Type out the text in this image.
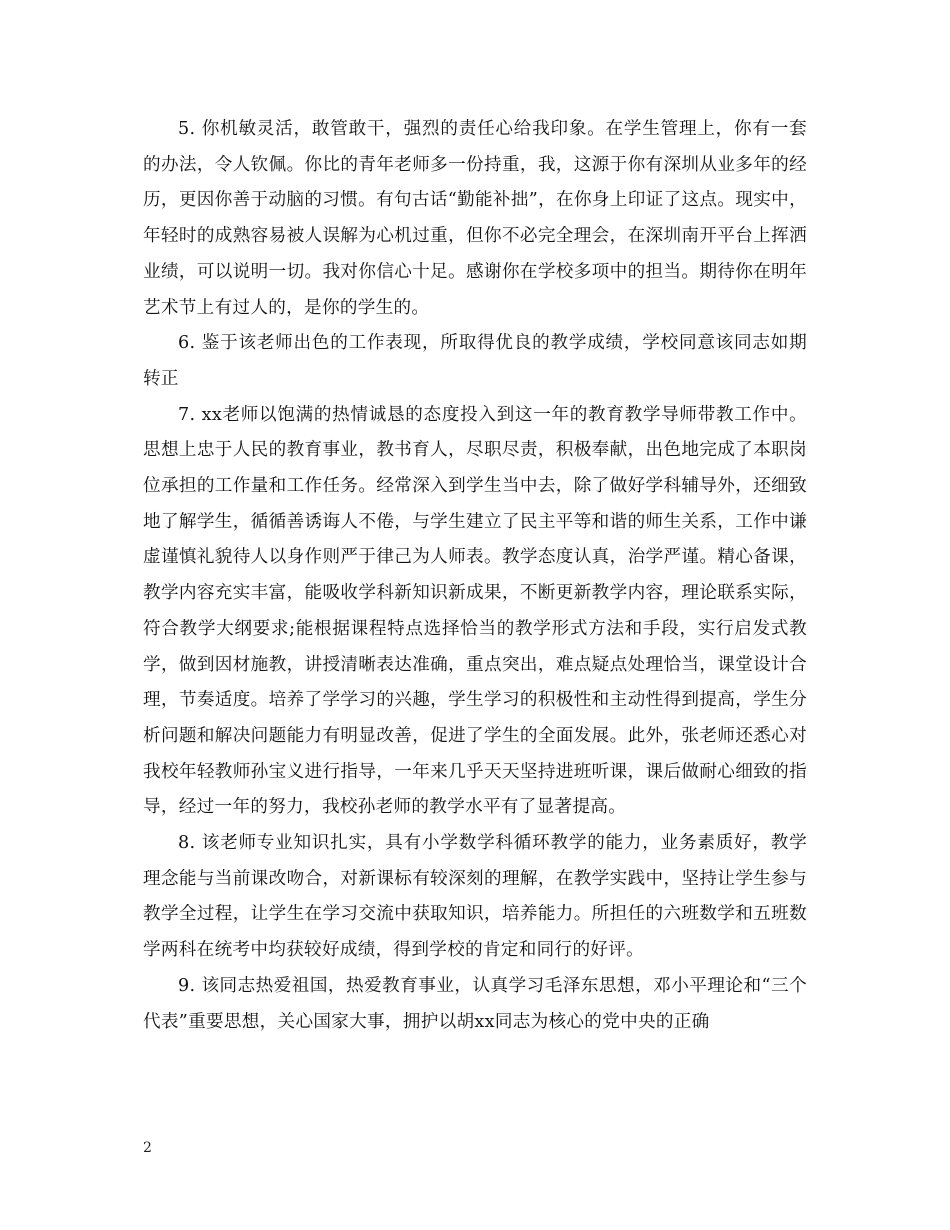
5. 你机敏灵活，敢管敢干，强烈的责任心给我印象。在学生管理上，你有一套的办法，令人钦佩。你比的青年老师多一份持重，我，这源于你有深圳从业多年的经历，更因你善于动脑的习惯。有句古话“勤能补拙”，在你身上印证了这点。现实中，年轻时的成熟容易被人误解为心机过重，但你不必完全理会，在深圳南开平台上挥洒业绩，可以说明一切。我对你信心十足。感谢你在学校多项中的担当。期待你在明年艺术节上有过人的，是你的学生的。

6. 鉴于该老师出色的工作表现，所取得优良的教学成绩，学校同意该同志如期转正

7. xx老师以饱满的热情诚恳的态度投入到这一年的教育教学导师带教工作中。思想上忠于人民的教育事业，教书育人，尽职尽责，积极奉献，出色地完成了本职岗位承担的工作量和工作任务。经常深入到学生当中去，除了做好学科辅导外，还细致地了解学生，循循善诱诲人不倦，与学生建立了民主平等和谐的师生关系，工作中谦虚谨慎礼貌待人以身作则严于律己为人师表。教学态度认真，治学严谨。精心备课，教学内容充实丰富，能吸收学科新知识新成果，不断更新教学内容，理论联系实际，符合教学大纲要求;能根据课程特点选择恰当的教学形式方法和手段，实行启发式教学，做到因材施教，讲授清晰表达准确，重点突出，难点疑点处理恰当，课堂设计合理，节奏适度。培养了学学习的兴趣，学生学习的积极性和主动性得到提高，学生分析问题和解决问题能力有明显改善，促进了学生的全面发展。此外，张老师还悉心对我校年轻教师孙宝义进行指导，一年来几乎天天坚持进班听课，课后做耐心细致的指导，经过一年的努力，我校孙老师的教学水平有了显著提高。

8. 该老师专业知识扎实，具有小学数学科循环教学的能力，业务素质好，教学理念能与当前课改吻合，对新课标有较深刻的理解，在教学实践中，坚持让学生参与教学全过程，让学生在学习交流中获取知识，培养能力。所担任的六班数学和五班数学两科在统考中均获较好成绩，得到学校的肯定和同行的好评。

9. 该同志热爱祖国，热爱教育事业，认真学习毛泽东思想，邓小平理论和“三个代表”重要思想，关心国家大事，拥护以胡xx同志为核心的党中央的正确

2
